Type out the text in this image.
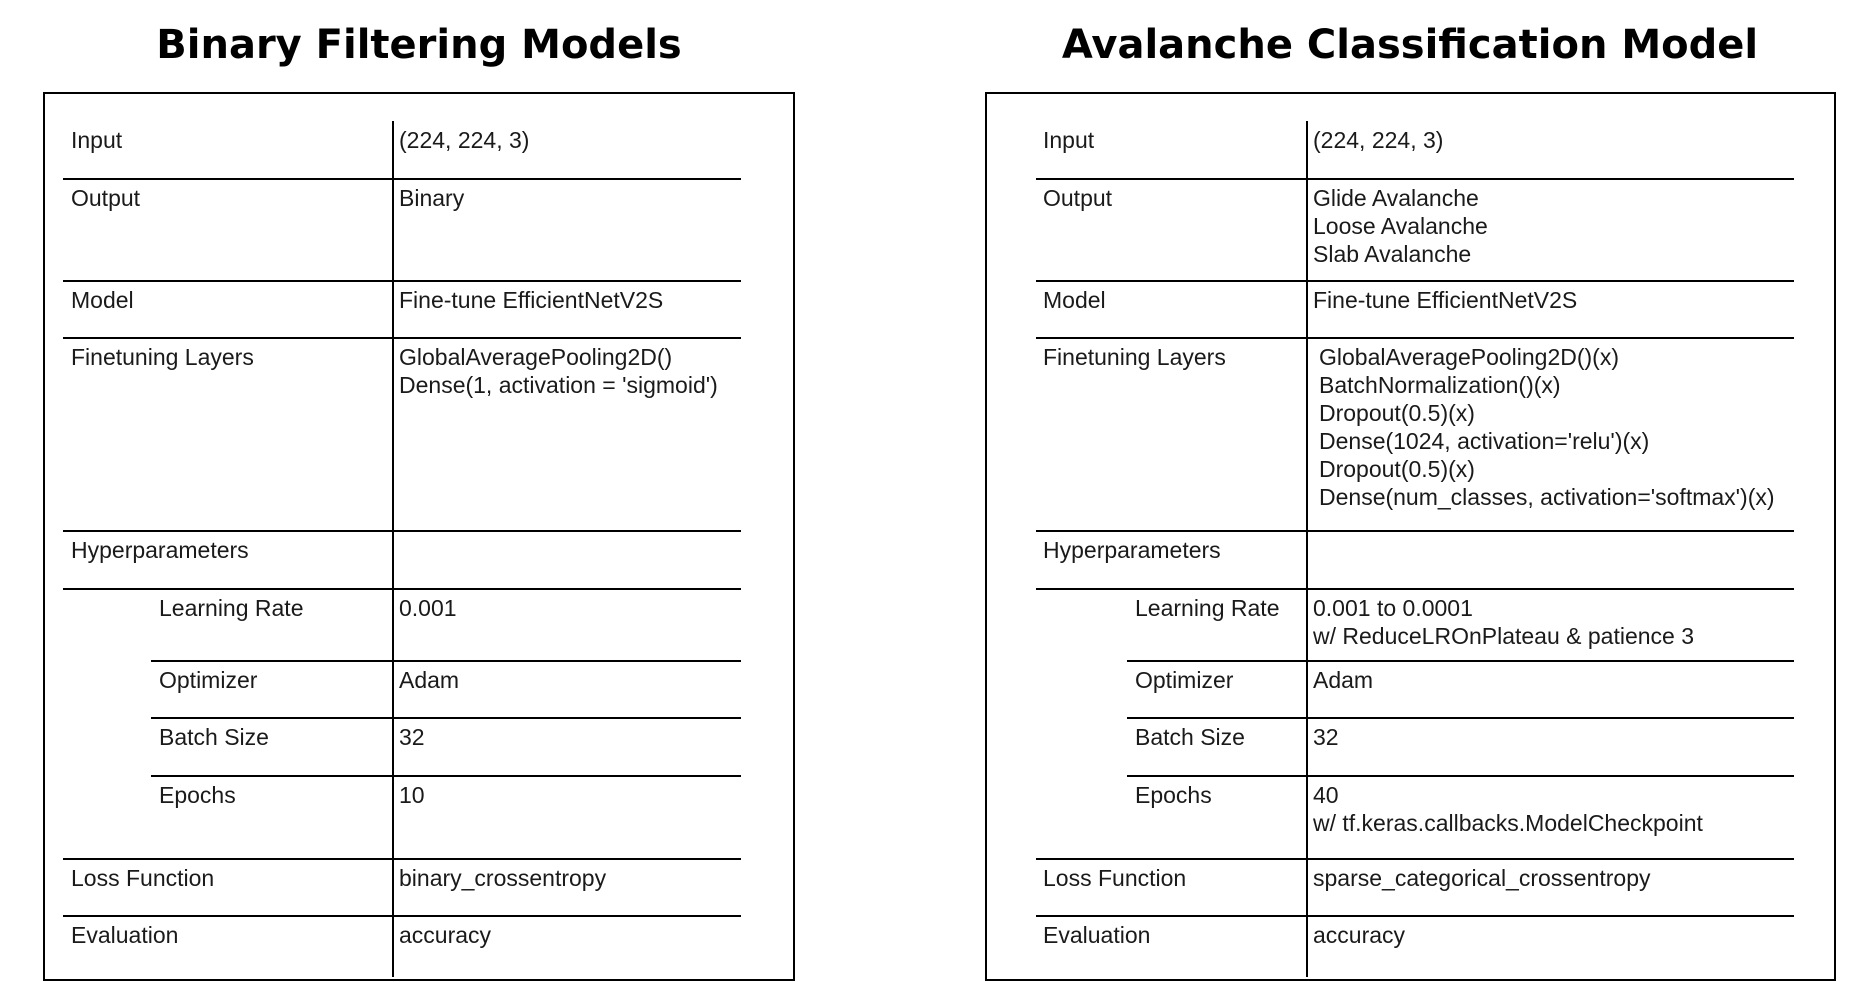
Binary Filtering Models
Input	(224, 224, 3)
Output	Binary
Model	Fine-tune EfficientNetV2S
Finetuning Layers	GlobalAveragePooling2D()
Dense(1, activation = 'sigmoid')
Hyperparameters
Learning Rate	0.001
Optimizer	Adam
Batch Size	32
Epochs	10
Loss Function	binary_crossentropy
Evaluation	accuracy
Avalanche Classification Model
Input	(224, 224, 3)
Output	Glide Avalanche
Loose Avalanche
Slab Avalanche
Model	Fine-tune EfficientNetV2S
Finetuning Layers	GlobalAveragePooling2D()(x)
BatchNormalization()(x)
Dropout(0.5)(x)
Dense(1024, activation='relu')(x)
Dropout(0.5)(x)
Dense(num_classes, activation='softmax')(x)
Hyperparameters
Learning Rate 0.001 to 0.0001
w/ ReduceLROnPlateau & patience 3
Optimizer	Adam
Batch Size	32
Epochs	40
w/ tf.keras.callbacks.ModelCheckpoint
Loss Function	sparse_categorical_crossentropy
Evaluation	accuracy
